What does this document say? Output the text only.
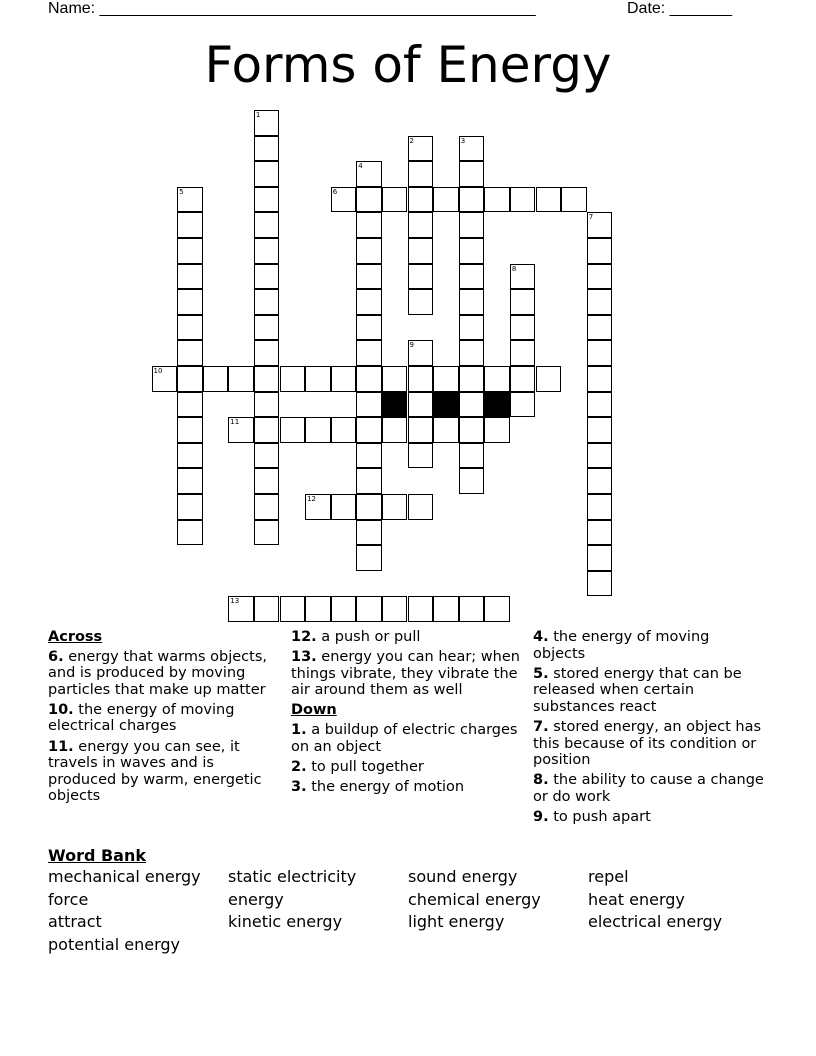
Name: _________________________________________________	Date: _______
Forms of Energy
1
2	3
4
5
7
8
9
6
10
11
12
13
Across
6. energy that warms objects, and is produced by moving particles that make up matter
10. the energy of moving electrical charges
11. energy you can see, it travels in waves and is produced by warm, energetic objects
12. a push or pull
13. energy you can hear; when things vibrate, they vibrate the air around them as well
Down
1. a buildup of electric charges on an object
2. to pull together
3. the energy of motion
4. the energy of moving objects
5. stored energy that can be released when certain substances react
7. stored energy, an object has this because of its condition or position
8. the ability to cause a change or do work
9. to push apart
Word Bank
mechanical energy	static electricity	sound energy	repel
force	energy	chemical energy	heat energy
attract	kinetic energy	light energy	electrical energy
potential energy
